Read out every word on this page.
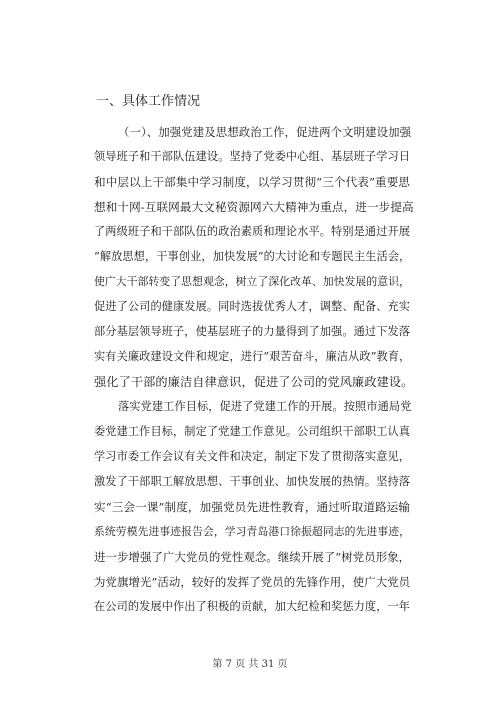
一、具体工作情况
（一）、加强党建及思想政治工作，促进两个文明建设加强
领导班子和干部队伍建设。坚持了党委中心组、基层班子学习日
和中层以上干部集中学习制度，以学习贯彻“三个代表”重要思
想和十网-互联网最大文秘资源网六大精神为重点，进一步提高
了两级班子和干部队伍的政治素质和理论水平。特别是通过开展
“解放思想，干事创业，加快发展”的大讨论和专题民主生活会，
使广大干部转变了思想观念，树立了深化改革、加快发展的意识，
促进了公司的健康发展。同时选拔优秀人才，调整、配备、充实
部分基层领导班子，使基层班子的力量得到了加强。通过下发落
实有关廉政建设文件和规定，进行“艰苦奋斗，廉洁从政”教育，
强化了干部的廉洁自律意识，促进了公司的党风廉政建设。
落实党建工作目标，促进了党建工作的开展。按照市通局党
委党建工作目标，制定了党建工作意见。公司组织干部职工认真
学习市委工作会议有关文件和决定，制定下发了贯彻落实意见，
激发了干部职工解放思想、干事创业、加快发展的热情。坚持落
实“三会一课”制度，加强党员先进性教育，通过听取道路运输
系统劳模先进事迹报告会，学习青岛港口徐振超同志的先进事迹，
进一步增强了广大党员的党性观念。继续开展了“树党员形象，
为党旗增光”活动，较好的发挥了党员的先锋作用，使广大党员
在公司的发展中作出了积极的贡献，加大纪检和奖惩力度，一年
第 7 页 共 31 页
